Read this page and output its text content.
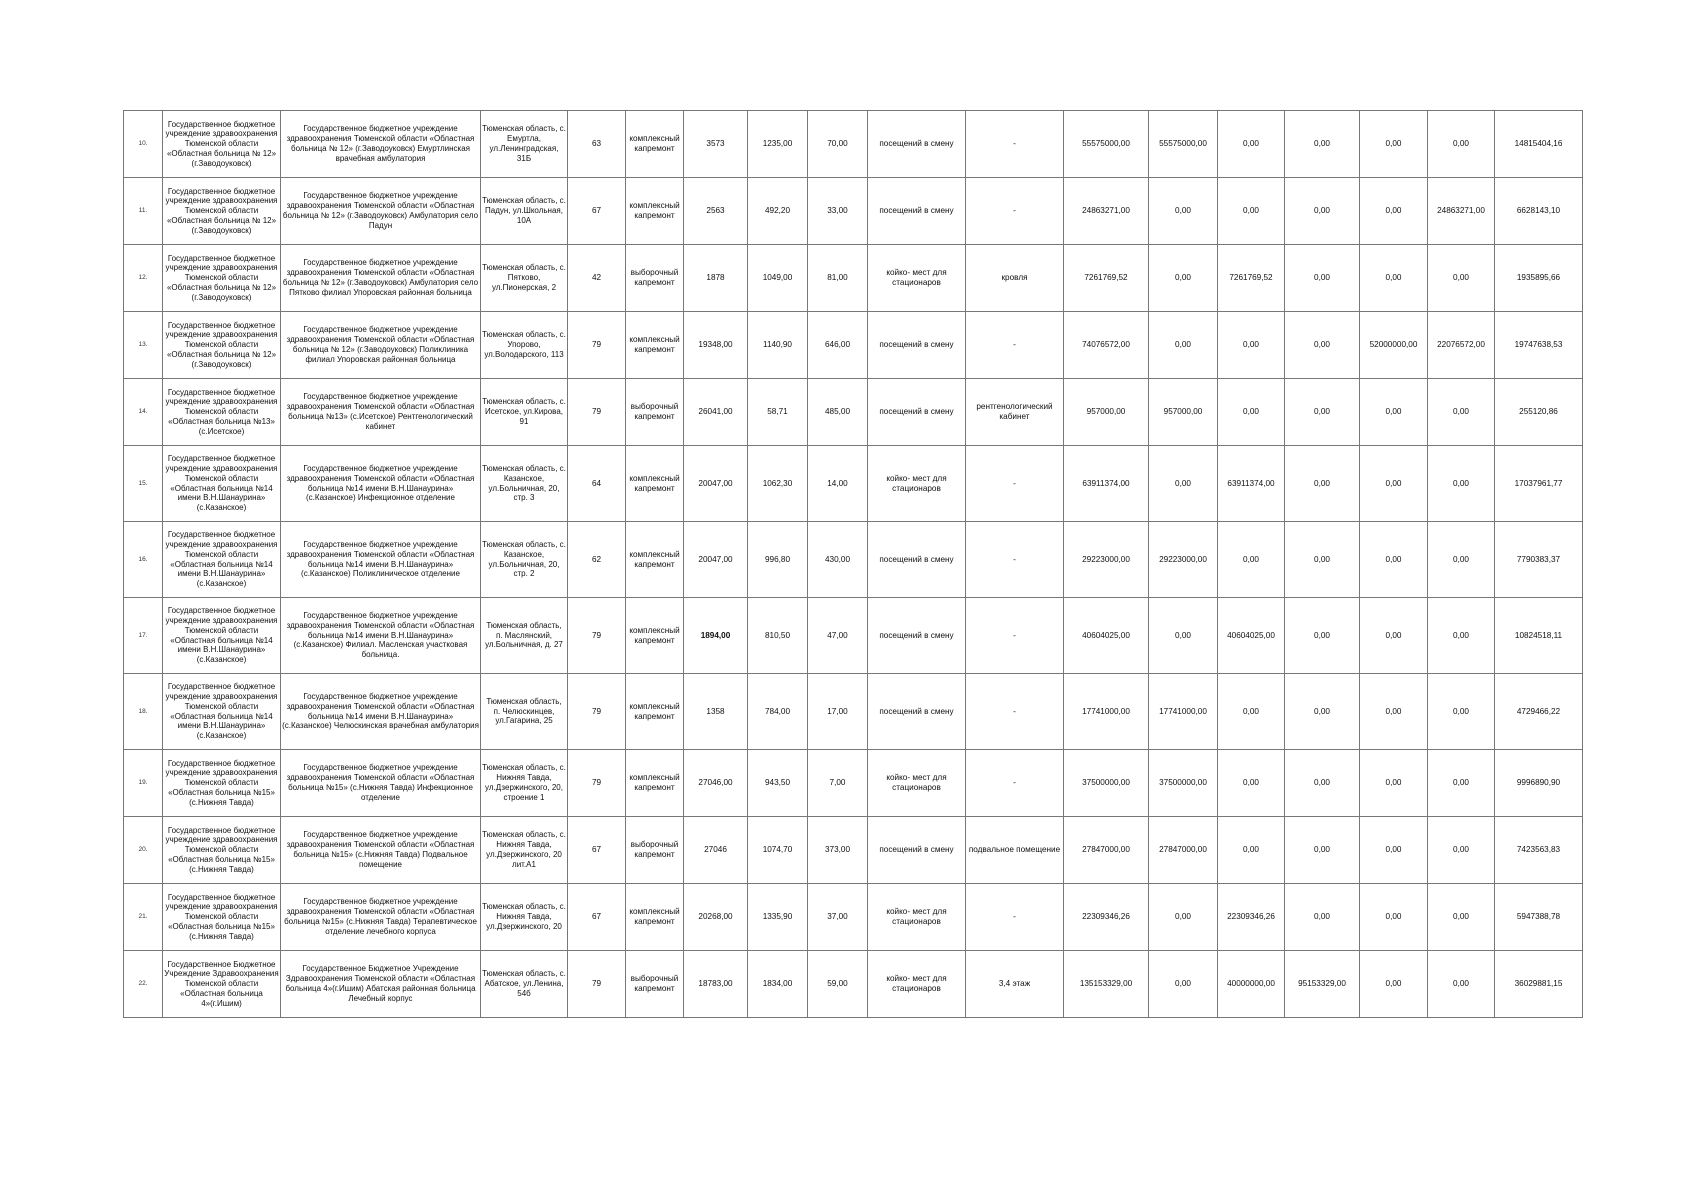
10.	Государственное бюджетное учреждение здравоохранения Тюменской области «Областная больница № 12» (г.Заводоуковск)	Государственное бюджетное учреждение здравоохранения Тюменской области «Областная больница № 12» (г.Заводоуковск) Емуртлинская врачебная амбулатория	Тюменская область, с. Емуртла, ул.Ленинградская, 31Б	63	комплексный капремонт	3573	1235,00	70,00	посещений в смену	-	55575000,00	55575000,00	0,00	0,00	0,00	0,00	14815404,16
11.	Государственное бюджетное учреждение здравоохранения Тюменской области «Областная больница № 12» (г.Заводоуковск)	Государственное бюджетное учреждение здравоохранения Тюменской области «Областная больница № 12» (г.Заводоуковск) Амбулатория село Падун	Тюменская область, с. Падун, ул.Школьная, 10А	67	комплексный капремонт	2563	492,20	33,00	посещений в смену	-	24863271,00	0,00	0,00	0,00	0,00	24863271,00	6628143,10
12.	Государственное бюджетное учреждение здравоохранения Тюменской области «Областная больница № 12» (г.Заводоуковск)	Государственное бюджетное учреждение здравоохранения Тюменской области «Областная больница № 12» (г.Заводоуковск) Амбулатория село Пятково филиал Упоровская районная больница	Тюменская область, с. Пятково, ул.Пионерская, 2	42	выборочный капремонт	1878	1049,00	81,00	койко- мест для стационаров	кровля	7261769,52	0,00	7261769,52	0,00	0,00	0,00	1935895,66
13.	Государственное бюджетное учреждение здравоохранения Тюменской области «Областная больница № 12» (г.Заводоуковск)	Государственное бюджетное учреждение здравоохранения Тюменской области «Областная больница № 12» (г.Заводоуковск) Поликлиника филиал Упоровская районная больница	Тюменская область, с. Упорово, ул.Володарского, 113	79	комплексный капремонт	19348,00	1140,90	646,00	посещений в смену	-	74076572,00	0,00	0,00	0,00	52000000,00	22076572,00	19747638,53
14.	Государственное бюджетное учреждение здравоохранения Тюменской области «Областная больница №13» (с.Исетское)	Государственное бюджетное учреждение здравоохранения Тюменской области «Областная больница №13» (с.Исетское) Рентгенологический кабинет	Тюменская область, с. Исетское, ул.Кирова, 91	79	выборочный капремонт	26041,00	58,71	485,00	посещений в смену	рентгенологический кабинет	957000,00	957000,00	0,00	0,00	0,00	0,00	255120,86
15.	Государственное бюджетное учреждение здравоохранения Тюменской области «Областная больница №14 имени В.Н.Шанаурина» (с.Казанское)	Государственное бюджетное учреждение здравоохранения Тюменской области «Областная больница №14 имени В.Н.Шанаурина» (с.Казанское) Инфекционное отделение	Тюменская область, с. Казанское, ул.Больничная, 20, стр. 3	64	комплексный капремонт	20047,00	1062,30	14,00	койко- мест для стационаров	-	63911374,00	0,00	63911374,00	0,00	0,00	0,00	17037961,77
16.	Государственное бюджетное учреждение здравоохранения Тюменской области «Областная больница №14 имени В.Н.Шанаурина» (с.Казанское)	Государственное бюджетное учреждение здравоохранения Тюменской области «Областная больница №14 имени В.Н.Шанаурина» (с.Казанское) Поликлиническое отделение	Тюменская область, с. Казанское, ул.Больничная, 20, стр. 2	62	комплексный капремонт	20047,00	996,80	430,00	посещений в смену	-	29223000,00	29223000,00	0,00	0,00	0,00	0,00	7790383,37
17.	Государственное бюджетное учреждение здравоохранения Тюменской области «Областная больница №14 имени В.Н.Шанаурина» (с.Казанское)	Государственное бюджетное учреждение здравоохранения Тюменской области «Областная больница №14 имени В.Н.Шанаурина» (с.Казанское) Филиал. Масленская участковая больница.	Тюменская область, п. Маслянский, ул.Больничная, д. 27	79	комплексный капремонт	1894,00	810,50	47,00	посещений в смену	-	40604025,00	0,00	40604025,00	0,00	0,00	0,00	10824518,11
18.	Государственное бюджетное учреждение здравоохранения Тюменской области «Областная больница №14 имени В.Н.Шанаурина» (с.Казанское)	Государственное бюджетное учреждение здравоохранения Тюменской области «Областная больница №14 имени В.Н.Шанаурина» (с.Казанское) Челюскинская врачебная амбулатория	Тюменская область, п. Челюскинцев, ул.Гагарина, 25	79	комплексный капремонт	1358	784,00	17,00	посещений в смену	-	17741000,00	17741000,00	0,00	0,00	0,00	0,00	4729466,22
19.	Государственное бюджетное учреждение здравоохранения Тюменской области «Областная больница №15» (с.Нижняя Тавда)	Государственное бюджетное учреждение здравоохранения Тюменской области «Областная больница №15» (с.Нижняя Тавда) Инфекционное отделение	Тюменская область, с. Нижняя Тавда, ул.Дзержинского, 20, строение 1	79	комплексный капремонт	27046,00	943,50	7,00	койко- мест для стационаров	-	37500000,00	37500000,00	0,00	0,00	0,00	0,00	9996890,90
20.	Государственное бюджетное учреждение здравоохранения Тюменской области «Областная больница №15» (с.Нижняя Тавда)	Государственное бюджетное учреждение здравоохранения Тюменской области «Областная больница №15» (с.Нижняя Тавда) Подвальное помещение	Тюменская область, с. Нижняя Тавда, ул.Дзержинского, 20 лит.А1	67	выборочный капремонт	27046	1074,70	373,00	посещений в смену	подвальное помещение	27847000,00	27847000,00	0,00	0,00	0,00	0,00	7423563,83
21.	Государственное бюджетное учреждение здравоохранения Тюменской области «Областная больница №15» (с.Нижняя Тавда)	Государственное бюджетное учреждение здравоохранения Тюменской области «Областная больница №15» (с.Нижняя Тавда) Терапевтическое отделение лечебного корпуса	Тюменская область, с. Нижняя Тавда, ул.Дзержинского, 20	67	комплексный капремонт	20268,00	1335,90	37,00	койко- мест для стационаров	-	22309346,26	0,00	22309346,26	0,00	0,00	0,00	5947388,78
22.	Государственное Бюджетное Учреждение Здравоохранения Тюменской области «Областная больница 4»(г.Ишим)	Государственное Бюджетное Учреждение Здравоохранения Тюменской области «Областная больница 4»(г.Ишим) Абатская районная больница Лечебный корпус	Тюменская область, с. Абатское, ул.Ленина, 54б	79	выборочный капремонт	18783,00	1834,00	59,00	койко- мест для стационаров	3,4 этаж	135153329,00	0,00	40000000,00	95153329,00	0,00	0,00	36029881,15
